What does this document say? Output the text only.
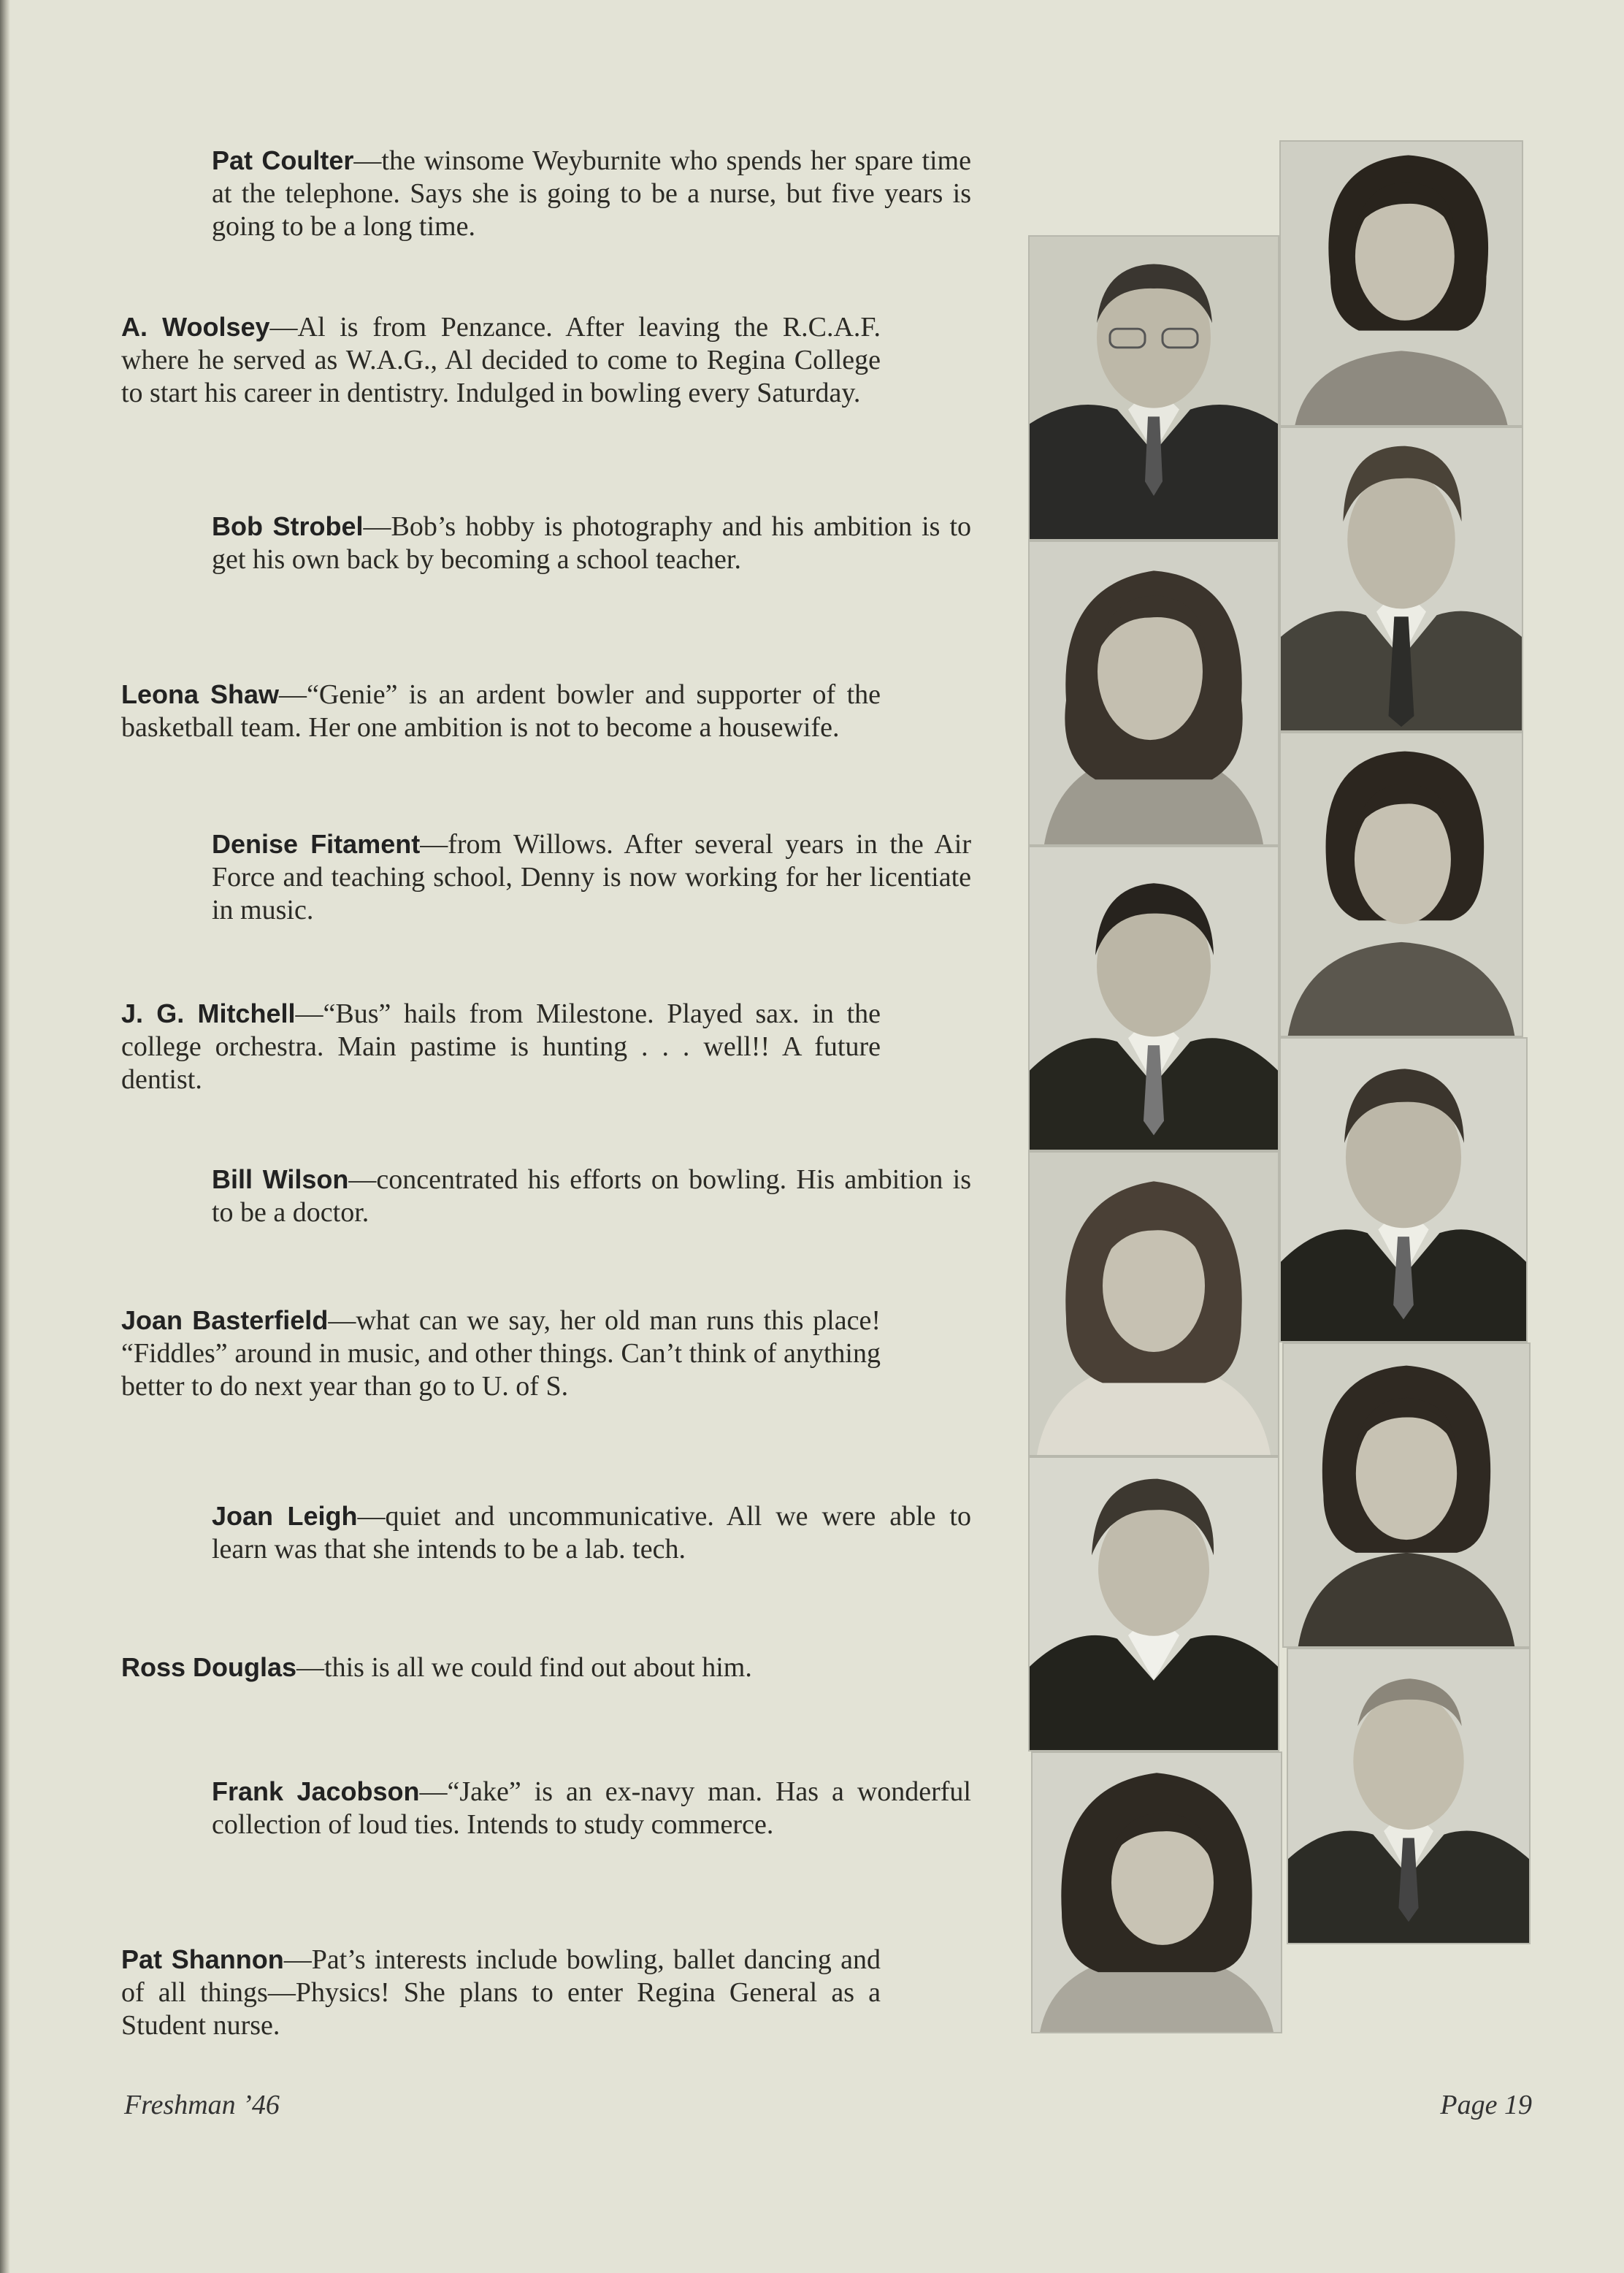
Pat Coulter—the winsome Weyburnite who spends her spare time at the telephone. Says she is going to be a nurse, but five years is going to be a long time.
A. Woolsey—Al is from Penzance. After leaving the R.C.A.F. where he served as W.A.G., Al decided to come to Regina College to start his career in dentistry. Indulged in bowling every Saturday.
Bob Strobel—Bob’s hobby is photography and his ambition is to get his own back by becoming a school teacher.
Leona Shaw—“Genie” is an ardent bowler and supporter of the basketball team. Her one ambition is not to become a housewife.
Denise Fitament—from Willows. After several years in the Air Force and teaching school, Denny is now working for her licentiate in music.
J. G. Mitchell—“Bus” hails from Milestone. Played sax. in the college orchestra. Main pastime is hunting . . . well!! A future dentist.
Bill Wilson—concentrated his efforts on bowling. His ambition is to be a doctor.
Joan Basterfield—what can we say, her old man runs this place! “Fiddles” around in music, and other things. Can’t think of anything better to do next year than go to U. of S.
Joan Leigh—quiet and uncommunicative. All we were able to learn was that she intends to be a lab. tech.
Ross Douglas—this is all we could find out about him.
Frank Jacobson—“Jake” is an ex-navy man. Has a wonderful collection of loud ties. Intends to study commerce.
Pat Shannon—Pat’s interests include bowling, ballet dancing and of all things—Physics! She plans to enter Regina General as a Student nurse.
Freshman ’46	Page 19
